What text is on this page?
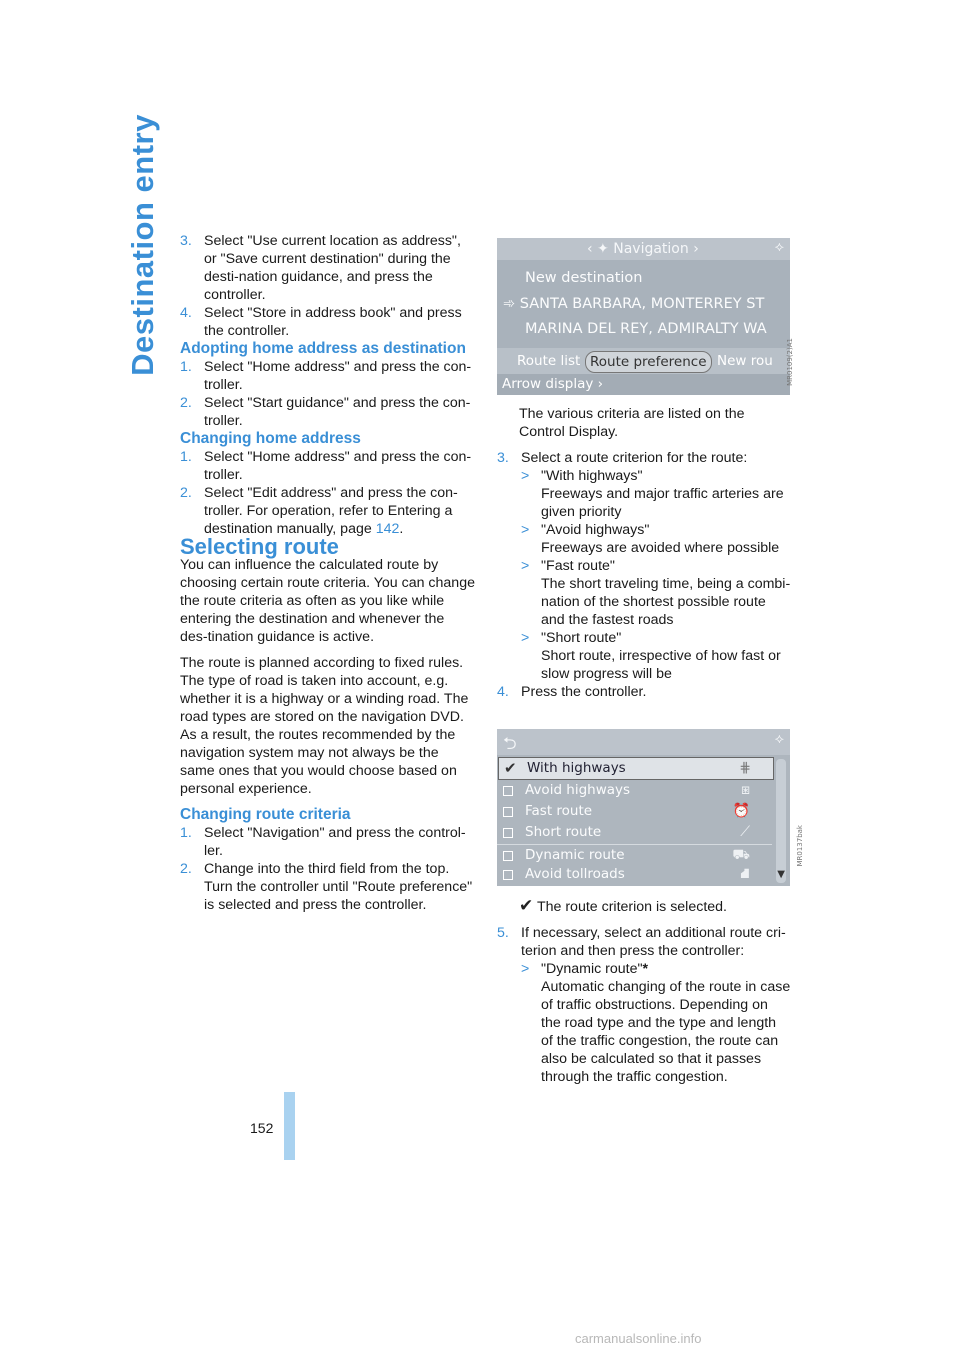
Destination entry 3. Select "Use current location as address", or "Save current destination" during the desti-nation guidance, and press the controller.

4. Select "Store in address book" and press the controller.

Adopting home address as destination

1. Select "Home address" and press the con-troller.

2. Select "Start guidance" and press the con-troller.

Changing home address

1. Select "Home address" and press the con-troller.

2. Select "Edit address" and press the con-troller. For operation, refer to Entering a destination manually, page 142.

Selecting route

You can influence the calculated route by choosing certain route criteria. You can change the route criteria as often as you like while entering the destination and whenever the des-tination guidance is active.

The route is planned according to fixed rules. The type of road is taken into account, e.g. whether it is a highway or a winding road. The road types are stored on the navigation DVD. As a result, the routes recommended by the navigation system may not always be the same ones that you would choose based on personal experience.

Changing route criteria

1. Select "Navigation" and press the control-ler.

2. Change into the third field from the top. Turn the controller until "Route preference" is selected and press the controller.

‹ ✦ Navigation ›	⟡
New destination
➾ SANTA BARBARA, MONTERREY ST
MARINA DEL REY, ADMIRALTY WA
Route list Route preference New rou
Arrow display ›	MR0109(2)A1

The various criteria are listed on the Control Display.

3. Select a route criterion for the route:

> "With highways"
Freeways and major traffic arteries are given priority

> "Avoid highways"
Freeways are avoided where possible

> "Fast route"
The short traveling time, being a combi-nation of the shortest possible route and the fastest roads

> "Short route"
Short route, irrespective of how fast or slow progress will be

4. Press the controller.

⮌	⟡
✔ With highways	⋕
Avoid highways	⧆
Fast route	⏰
Short route	⟋
Dynamic route	⛟
Avoid tollroads	⛘	▼
MR0137bak

✔ The route criterion is selected.

5. If necessary, select an additional route cri-terion and then press the controller:

> "Dynamic route"*
Automatic changing of the route in case of traffic obstructions. Depending on the road type and the type and length of the traffic congestion, the route can also be calculated so that it passes through the traffic congestion.

152
carmanualsonline.info
